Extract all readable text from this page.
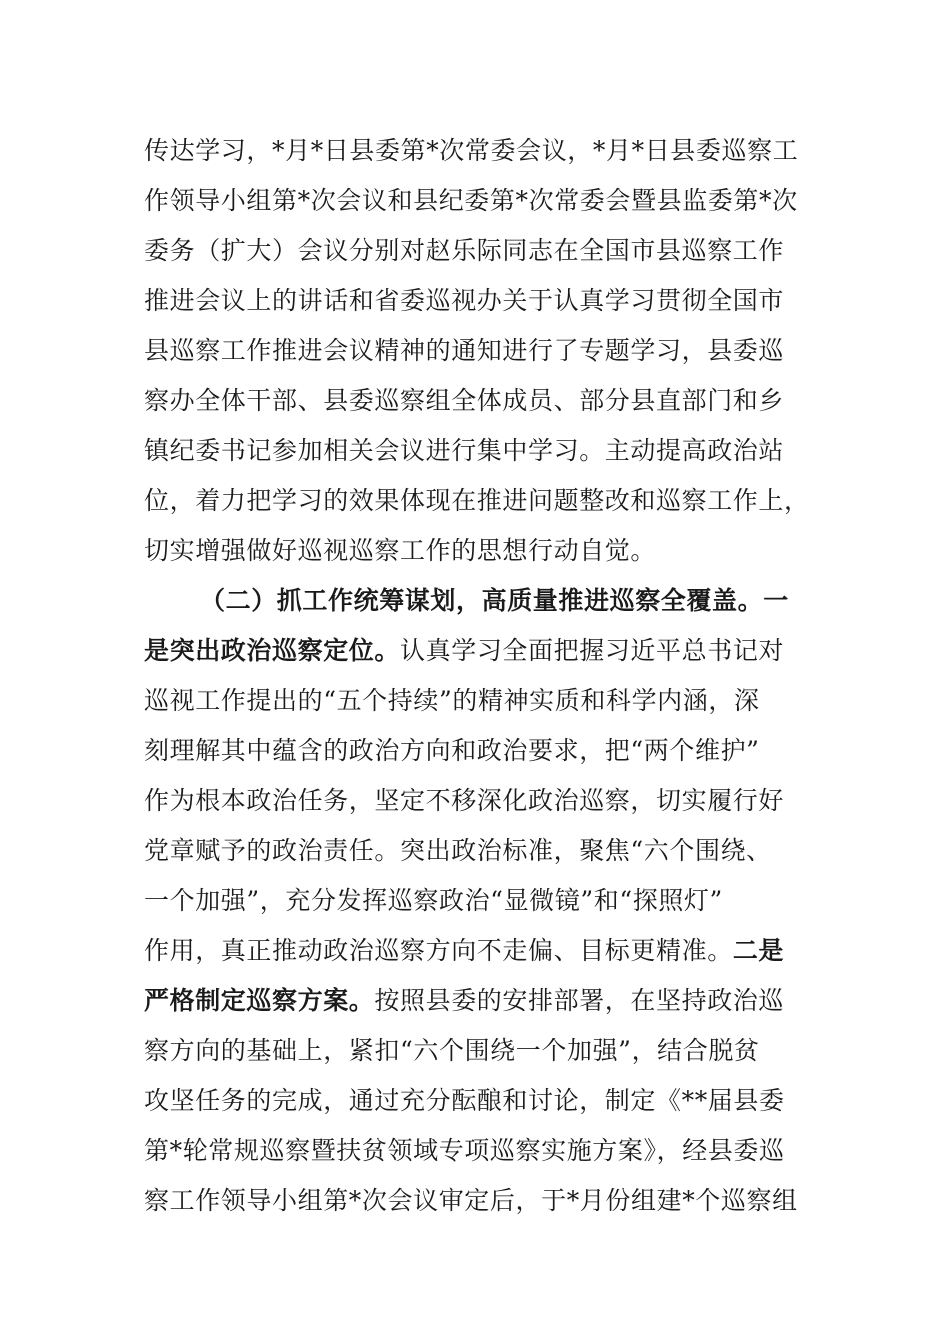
传达学习，*月*日县委第*次常委会议，*月*日县委巡察工
作领导小组第*次会议和县纪委第*次常委会暨县监委第*次
委务（扩大）会议分别对赵乐际同志在全国市县巡察工作
推进会议上的讲话和省委巡视办关于认真学习贯彻全国市
县巡察工作推进会议精神的通知进行了专题学习，县委巡
察办全体干部、县委巡察组全体成员、部分县直部门和乡
镇纪委书记参加相关会议进行集中学习。主动提高政治站
位，着力把学习的效果体现在推进问题整改和巡察工作上，
切实增强做好巡视巡察工作的思想行动自觉。
（二）抓工作统筹谋划，高质量推进巡察全覆盖。一
是突出政治巡察定位。认真学习全面把握习近平总书记对
巡视工作提出的“五个持续”的精神实质和科学内涵，深
刻理解其中蕴含的政治方向和政治要求，把“两个维护”
作为根本政治任务，坚定不移深化政治巡察，切实履行好
党章赋予的政治责任。突出政治标准，聚焦“六个围绕、
一个加强”，充分发挥巡察政治“显微镜”和“探照灯”
作用，真正推动政治巡察方向不走偏、目标更精准。二是
严格制定巡察方案。按照县委的安排部署，在坚持政治巡
察方向的基础上，紧扣“六个围绕一个加强”，结合脱贫
攻坚任务的完成，通过充分酝酿和讨论，制定《**届县委
第*轮常规巡察暨扶贫领域专项巡察实施方案》，经县委巡
察工作领导小组第*次会议审定后，于*月份组建*个巡察组
